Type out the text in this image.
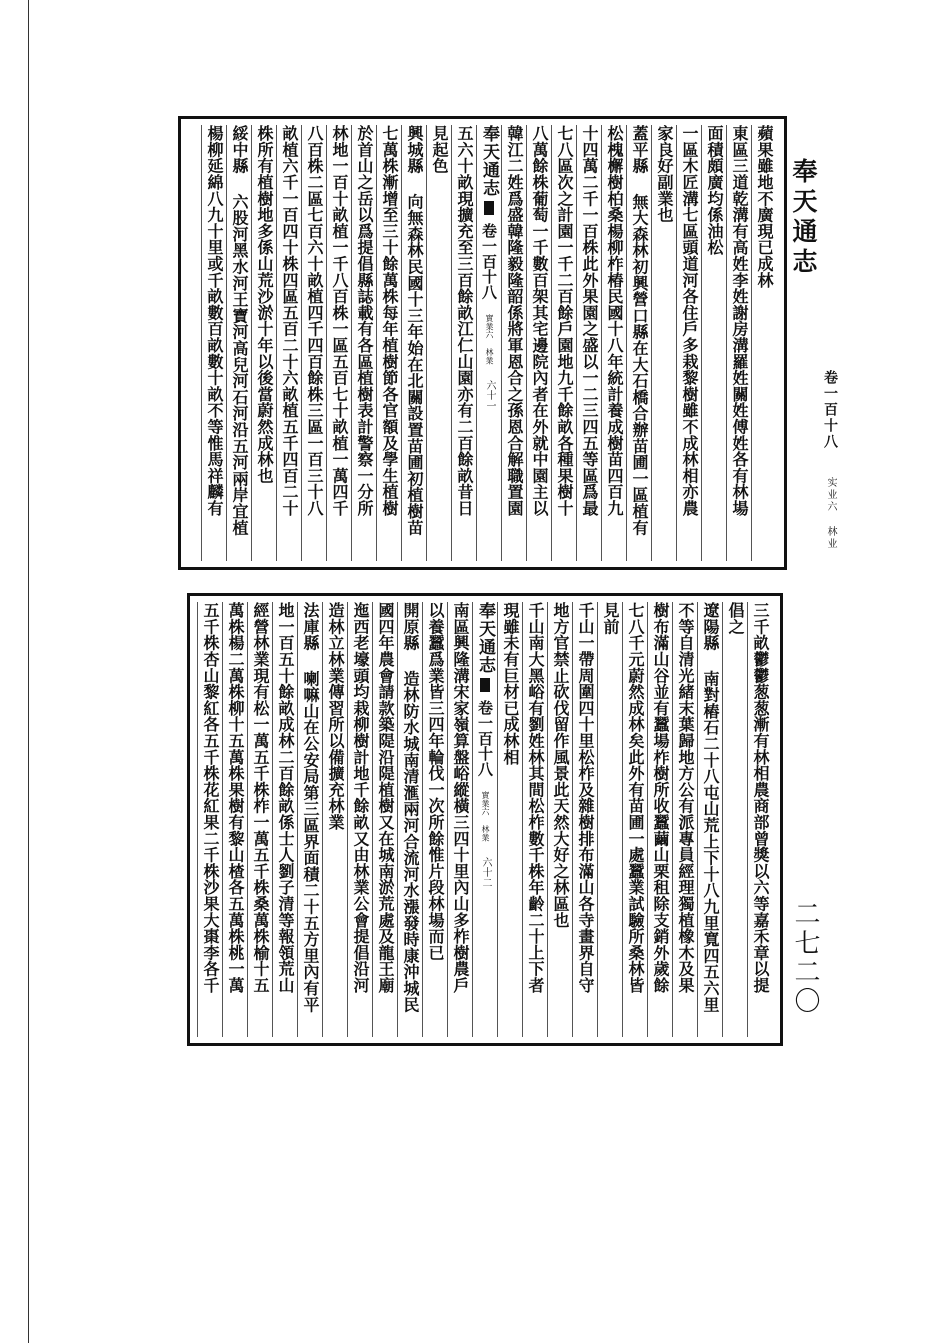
奉天通志
卷一百十八 实业六 林业
二七二〇
蘋果雖地不廣現已成林
東區三道乾溝有高姓李姓謝房溝羅姓關姓傅姓各有林場
面積頗廣均係油松
一區木匠溝七區頭道河各住戶多栽黎樹雖不成林相亦農
家良好副業也
蓋平縣 無大森林初興營口縣在大石橋合辦苗圃一區植有
松槐檞樹柏桑楊柳柞椿民國十八年統計養成樹苗四百九
十四萬二千一百株此外果園之盛以一二三四五等區爲最
七八區次之計園一千二百餘戶園地九千餘畝各種果樹十
八萬餘株葡萄一千數百架其宅邊院內者在外就中園主以
韓江二姓爲盛韓隆毅隆韶係將軍恩合之孫恩合解職置園
奉天通志
卷一百十八
實業六 林業
六十一
五六十畝現擴充至三百餘畝江仁山園亦有二百餘畝昔日
見起色
興城縣 向無森林民國十三年始在北關設置苗圃初植樹苗
七萬株漸增至三十餘萬株每年植樹節各官額及學生植樹
於首山之岳以爲提倡縣誌載有各區植樹表計警察一分所
林地一百十畝植一千八百株一區五百七十畝植一萬四千
八百株二區七百六十畝植四千四百餘株三區一百三十八
畝植六千一百四十株四區五百二十六畝植五千四百二十
株所有植樹地多係山荒沙淤十年以後當蔚然成林也
綏中縣 六股河黑水河王寶河高兒河石河沿五河兩岸宜植
楊柳延綿八九十里或千畝數百畝數十畝不等惟馬祥麟有
三千畝鬱鬱葱葱漸有林相農商部曾獎以六等嘉禾章以提
倡之
遼陽縣 南對樁石二十八屯山荒上下十八九里寬四五六里
不等自清光緒末葉歸地方公有派專員經理獨植橡木及果
樹布滿山谷並有蠶場柞樹所收蠶繭山栗租除支銷外歲餘
七八千元蔚然成林矣此外有苗圃一處蠶業試驗所桑林皆
見前
千山一帶周圍四十里松柞及雜樹排布滿山各寺畫界自守
地方官禁止砍伐留作風景此天然大好之林區也
千山南大黑峪有劉姓林其間松柞數千株年齡二十上下者
現雖未有巨材已成林相
奉天通志
卷一百十八
實業六 林業
六十二
南區興隆溝宋家嶺算盤峪縱橫三四十里內山多柞樹農戶
以養蠶爲業皆三四年輪伐一次所餘惟片段林場而已
開原縣 造林防水城南清滙兩河合流河水漲發時康沖城民
國四年農會請款築隄沿隄植樹又在城南淤荒處及龍王廟
迤西老壕頭均栽柳樹計地千餘畝又由林業公會提倡沿河
造林立林業傳習所以備擴充林業
法庫縣 喇嘛山在公安局第三區界面積二十五方里內有平
地一百五十餘畝成林二百餘畝係士人劉子清等報領荒山
經營林業現有松一萬五千株柞一萬五千株桑萬株榆十五
萬株楊二萬株柳十五萬株果樹有黎山楂各五萬株桃一萬
五千株杏山黎紅各五千株花紅果二千株沙果大棗李各千
